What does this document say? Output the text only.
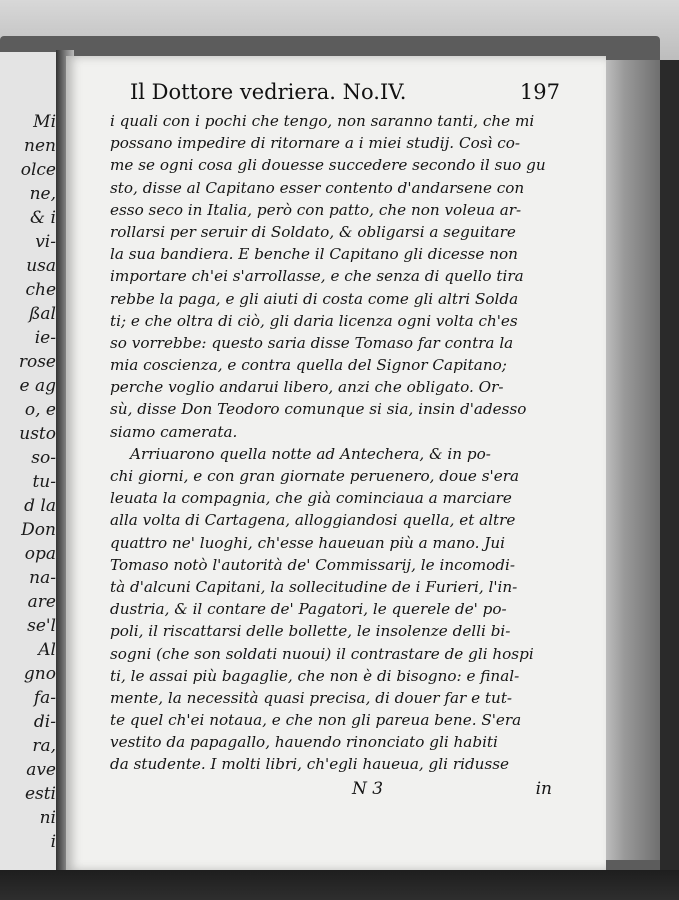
Mi
nen
olce
ne,
& i
vi-
usa
che
ßal
ie-
rose
e ag
o, e
usto
so-
tu-
d la
Don
opa
na-
are
se'l
Al
gno
fa-
di-
ra,
ave
esti
ni
i
Il Dottore vedriera. No.IV.	197
i quali con i pochi che tengo, non saranno tanti, che mi
possano impedire di ritornare a i miei studij. Così co-
me se ogni cosa gli douesse succedere secondo il suo gu
sto, disse al Capitano esser contento d'andarsene con
esso seco in Italia, però con patto, che non voleua ar-
rollarsi per seruir di Soldato, & obligarsi a seguitare
la sua bandiera. E benche il Capitano gli dicesse non
importare ch'ei s'arrollasse, e che senza di quello tira
rebbe la paga, e gli aiuti di costa come gli altri Solda
ti; e che oltra di ciò, gli daria licenza ogni volta ch'es
so vorrebbe: questo saria disse Tomaso far contra la
mia coscienza, e contra quella del Signor Capitano;
perche voglio andarui libero, anzi che obligato. Or-
sù, disse Don Teodoro comunque si sia, insin d'adesso
siamo camerata.
Arriuarono quella notte ad Antechera, & in po-
chi giorni, e con gran giornate peruenero, doue s'era
leuata la compagnia, che già cominciaua a marciare
alla volta di Cartagena, alloggiandosi quella, et altre
quattro ne' luoghi, ch'esse haueuan più a mano. Jui
Tomaso notò l'autorità de' Commissarij, le incomodi-
tà d'alcuni Capitani, la sollecitudine de i Furieri, l'in-
dustria, & il contare de' Pagatori, le querele de' po-
poli, il riscattarsi delle bollette, le insolenze delli bi-
sogni (che son soldati nuoui) il contrastare de gli hospi
ti, le assai più bagaglie, che non è di bisogno: e final-
mente, la necessità quasi precisa, di douer far e tut-
te quel ch'ei notaua, e che non gli pareua bene. S'era
vestito da papagallo, hauendo rinonciato gli habiti
da studente. I molti libri, ch'egli haueua, gli ridusse
N 3	in
